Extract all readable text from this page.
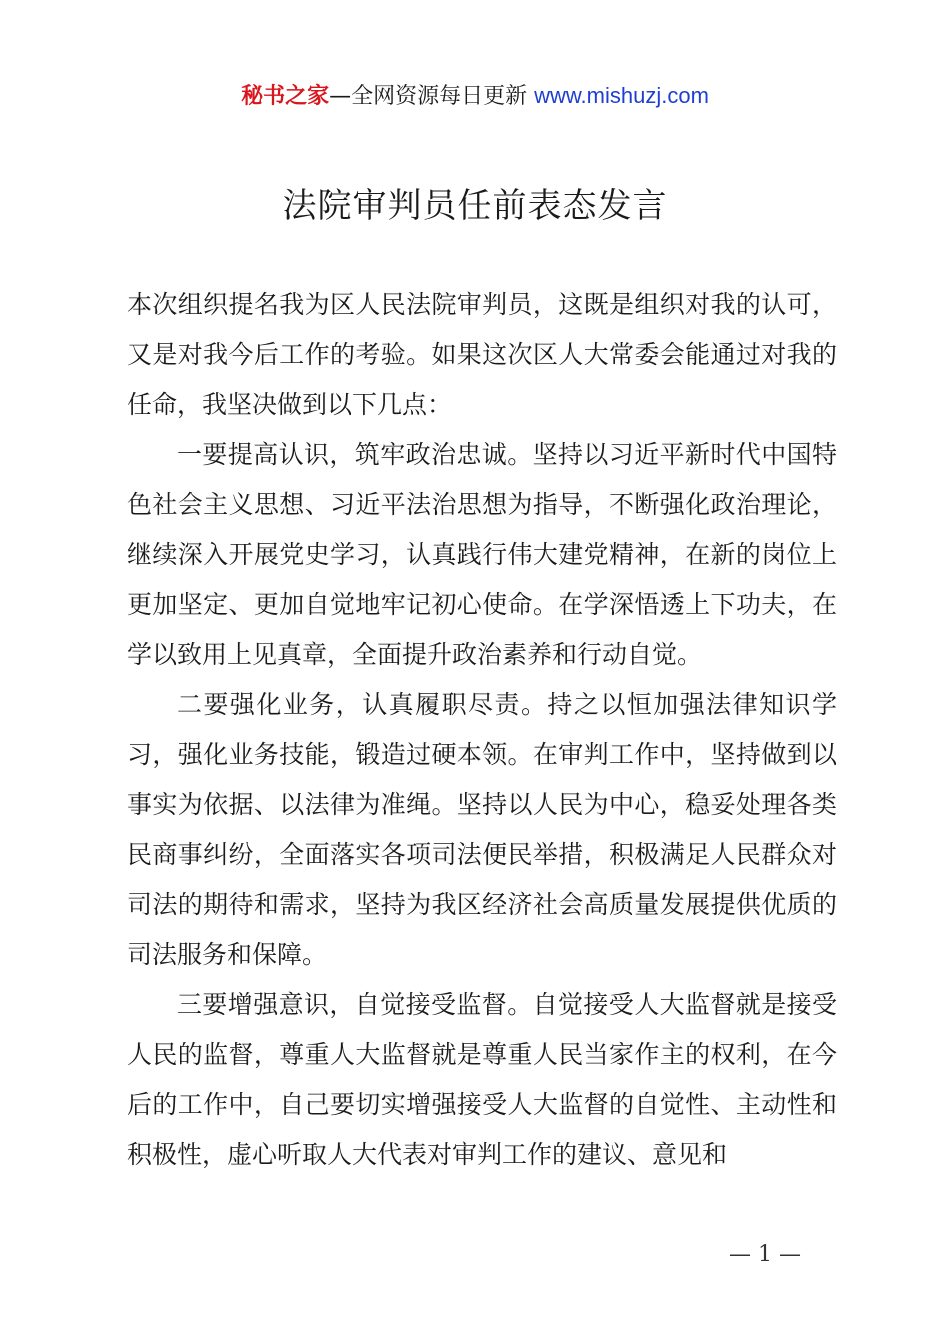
秘书之家—全网资源每日更新 www.mishuzj.com
法院审判员任前表态发言

本次组织提名我为区人民法院审判员，这既是组织对我的认可，又是对我今后工作的考验。如果这次区人大常委会能通过对我的任命，我坚决做到以下几点：

一要提高认识，筑牢政治忠诚。坚持以习近平新时代中国特色社会主义思想、习近平法治思想为指导，不断强化政治理论，继续深入开展党史学习，认真践行伟大建党精神，在新的岗位上更加坚定、更加自觉地牢记初心使命。在学深悟透上下功夫，在学以致用上见真章，全面提升政治素养和行动自觉。

二要强化业务，认真履职尽责。持之以恒加强法律知识学习，强化业务技能，锻造过硬本领。在审判工作中，坚持做到以事实为依据、以法律为准绳。坚持以人民为中心，稳妥处理各类民商事纠纷，全面落实各项司法便民举措，积极满足人民群众对司法的期待和需求，坚持为我区经济社会高质量发展提供优质的司法服务和保障。

三要增强意识，自觉接受监督。自觉接受人大监督就是接受人民的监督，尊重人大监督就是尊重人民当家作主的权利，在今后的工作中，自己要切实增强接受人大监督的自觉性、主动性和积极性，虚心听取人大代表对审判工作的建议、意见和

— 1 —
